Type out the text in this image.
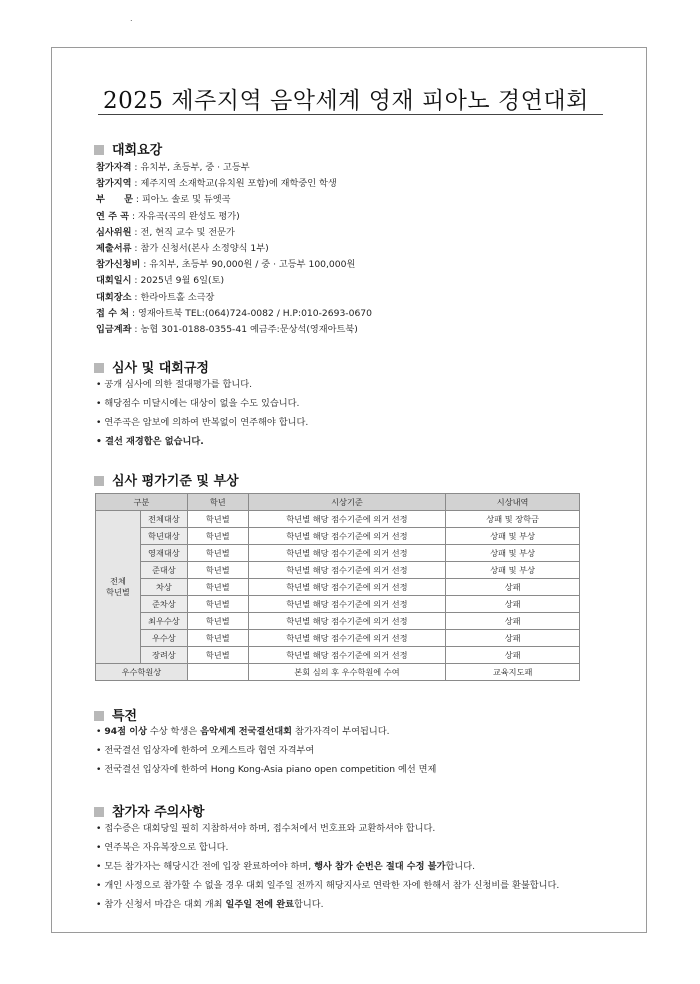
.
2025 제주지역 음악세계 영재 피아노 경연대회
대회요강
참가자격 : 유치부, 초등부, 중 · 고등부
참가지역 : 제주지역 소재학교(유치원 포함)에 재학중인 학생
부      문 : 피아노 솔로 및 듀엣곡
연 주 곡 : 자유곡(곡의 완성도 평가)
심사위원 : 전, 현직 교수 및 전문가
제출서류 : 참가 신청서(본사 소정양식 1부)
참가신청비 : 유치부, 초등부 90,000원 / 중 · 고등부 100,000원
대회일시 : 2025년 9월 6일(토)
대회장소 : 한라아트홀 소극장
접 수 처 : 영재아트북 TEL:(064)724-0082 / H.P:010-2693-0670
입금계좌 : 농협 301-0188-0355-41 예금주:문상석(영재아트북)
심사 및 대회규정
• 공개 심사에 의한 절대평가를 합니다.
• 해당점수 미달시에는 대상이 없을 수도 있습니다.
• 연주곡은 암보에 의하여 반복없이 연주해야 합니다.
• 결선 재경합은 없습니다.
심사 평가기준 및 부상
구분		학년	시상기준	시상내역

전체
학년별	전체대상	학년별	학년별 해당 점수기준에 의거 선정	상패 및 장학금
	학년대상	학년별	학년별 해당 점수기준에 의거 선정	상패 및 부상
	영재대상	학년별	학년별 해당 점수기준에 의거 선정	상패 및 부상
	준대상	학년별	학년별 해당 점수기준에 의거 선정	상패 및 부상
	차상	학년별	학년별 해당 점수기준에 의거 선정	상패
	준차상	학년별	학년별 해당 점수기준에 의거 선정	상패
	최우수상	학년별	학년별 해당 점수기준에 의거 선정	상패
	우수상	학년별	학년별 해당 점수기준에 의거 선정	상패
	장려상	학년별	학년별 해당 점수기준에 의거 선정	상패
우수학원상			본회 심의 후 우수학원에 수여	교육지도패
특전
• 94점 이상 수상 학생은 음악세계 전국결선대회 참가자격이 부여됩니다.
• 전국결선 입상자에 한하여 오케스트라 협연 자격부여
• 전국결선 입상자에 한하여 Hong Kong-Asia piano open competition 예선 면제
참가자 주의사항
• 접수증은 대회당일 필히 지참하셔야 하며, 접수처에서 번호표와 교환하셔야 합니다.
• 연주복은 자유복장으로 합니다.
• 모든 참가자는 해당시간 전에 입장 완료하여야 하며, 행사 참가 순번은 절대 수정 불가합니다.
• 개인 사정으로 참가할 수 없을 경우 대회 일주일 전까지 해당지사로 연락한 자에 한해서 참가 신청비를 환불합니다.
• 참가 신청서 마감은 대회 개최 일주일 전에 완료합니다.
